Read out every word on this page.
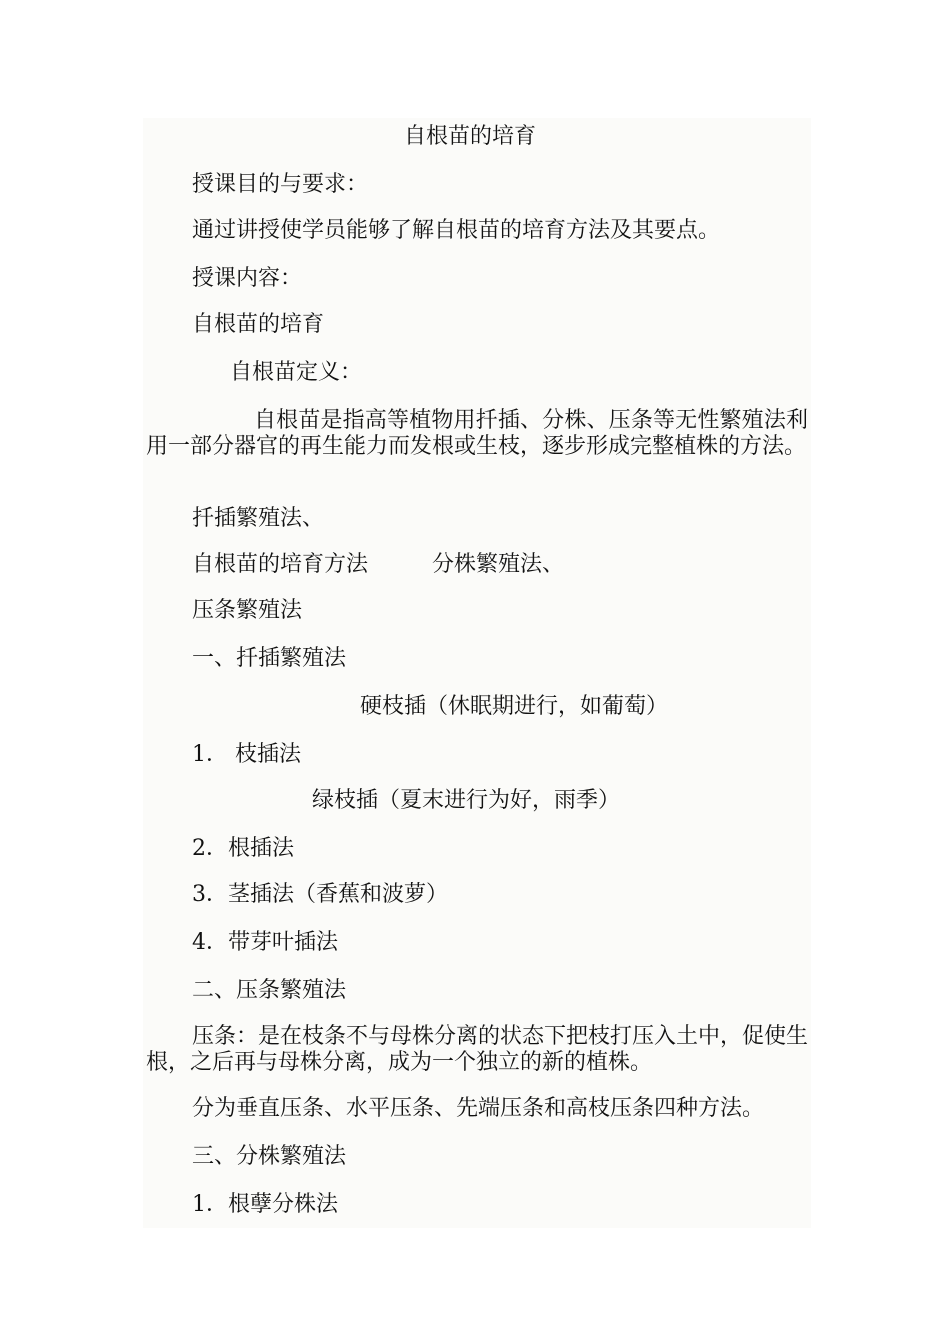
自根苗的培育
授课目的与要求：
通过讲授使学员能够了解自根苗的培育方法及其要点。
授课内容：
自根苗的培育
自根苗定义：
自根苗是指高等植物用扦插、分株、压条等无性繁殖法利用一部分器官的再生能力而发根或生枝，逐步形成完整植株的方法。
扦插繁殖法、
自根苗的培育方法	分株繁殖法、
压条繁殖法
一、扦插繁殖法
硬枝插（休眠期进行，如葡萄）
1． 枝插法
绿枝插（夏末进行为好，雨季）
2．根插法
3．茎插法（香蕉和波萝）
4．带芽叶插法
二、压条繁殖法
压条：是在枝条不与母株分离的状态下把枝打压入土中，促使生根，之后再与母株分离，成为一个独立的新的植株。
分为垂直压条、水平压条、先端压条和高枝压条四种方法。
三、分株繁殖法
1．根孽分株法
